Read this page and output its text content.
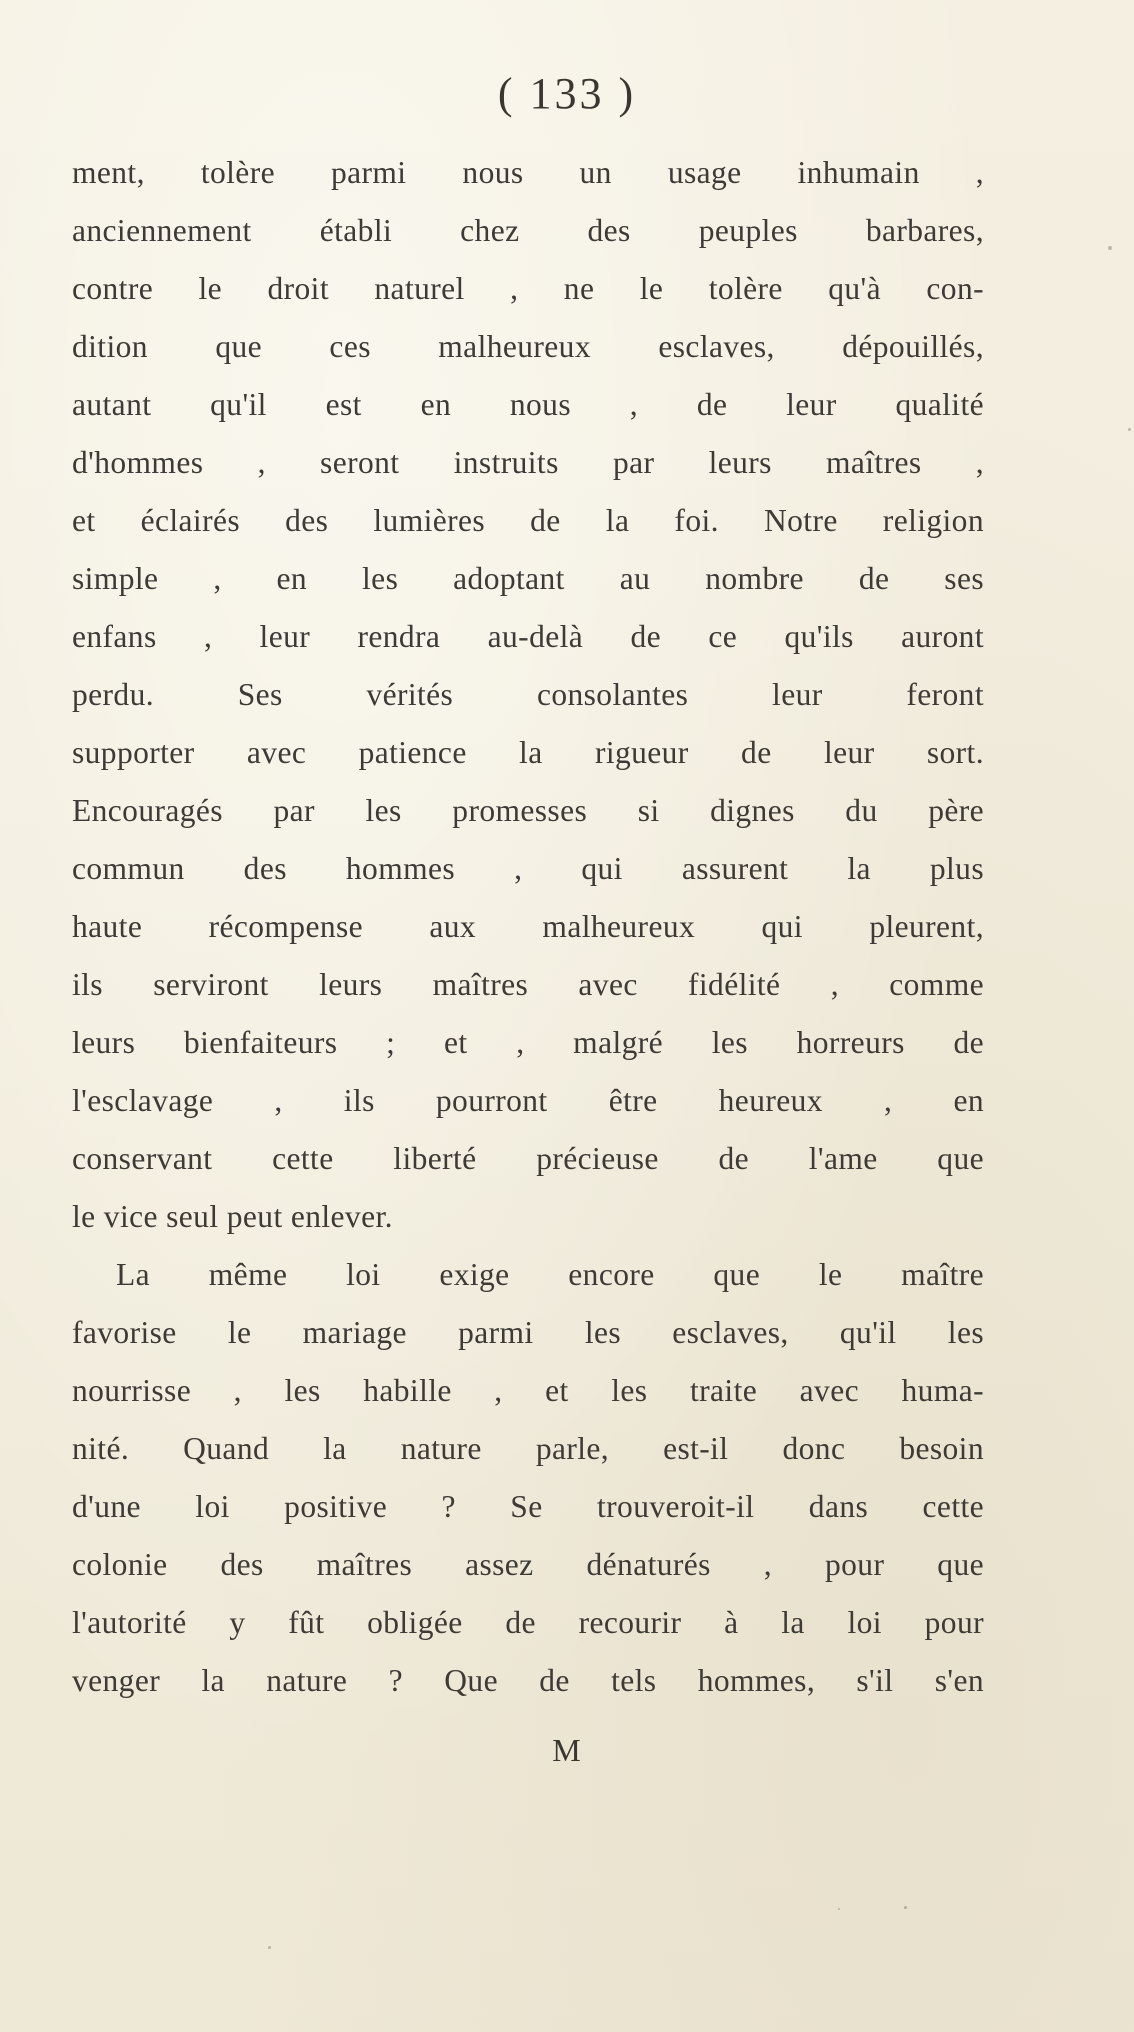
( 133 )
ment, tolère parmi nous un usage inhumain ,
anciennement établi chez des peuples barbares,
contre le droit naturel , ne le tolère qu'à con-
dition que ces malheureux esclaves, dépouillés,
autant qu'il est en nous , de leur qualité
d'hommes , seront instruits par leurs maîtres ,
et éclairés des lumières de la foi. Notre religion
simple , en les adoptant au nombre de ses
enfans , leur rendra au-delà de ce qu'ils auront
perdu. Ses vérités consolantes leur feront
supporter avec patience la rigueur de leur sort.
Encouragés par les promesses si dignes du père
commun des hommes , qui assurent la plus
haute récompense aux malheureux qui pleurent,
ils serviront leurs maîtres avec fidélité , comme
leurs bienfaiteurs ; et , malgré les horreurs de
l'esclavage , ils pourront être heureux , en
conservant cette liberté précieuse de l'ame que
le vice seul peut enlever.
La même loi exige encore que le maître
favorise le mariage parmi les esclaves, qu'il les
nourrisse , les habille , et les traite avec huma-
nité. Quand la nature parle, est-il donc besoin
d'une loi positive ? Se trouveroit-il dans cette
colonie des maîtres assez dénaturés , pour que
l'autorité y fût obligée de recourir à la loi pour
venger la nature ? Que de tels hommes, s'il s'en
M
